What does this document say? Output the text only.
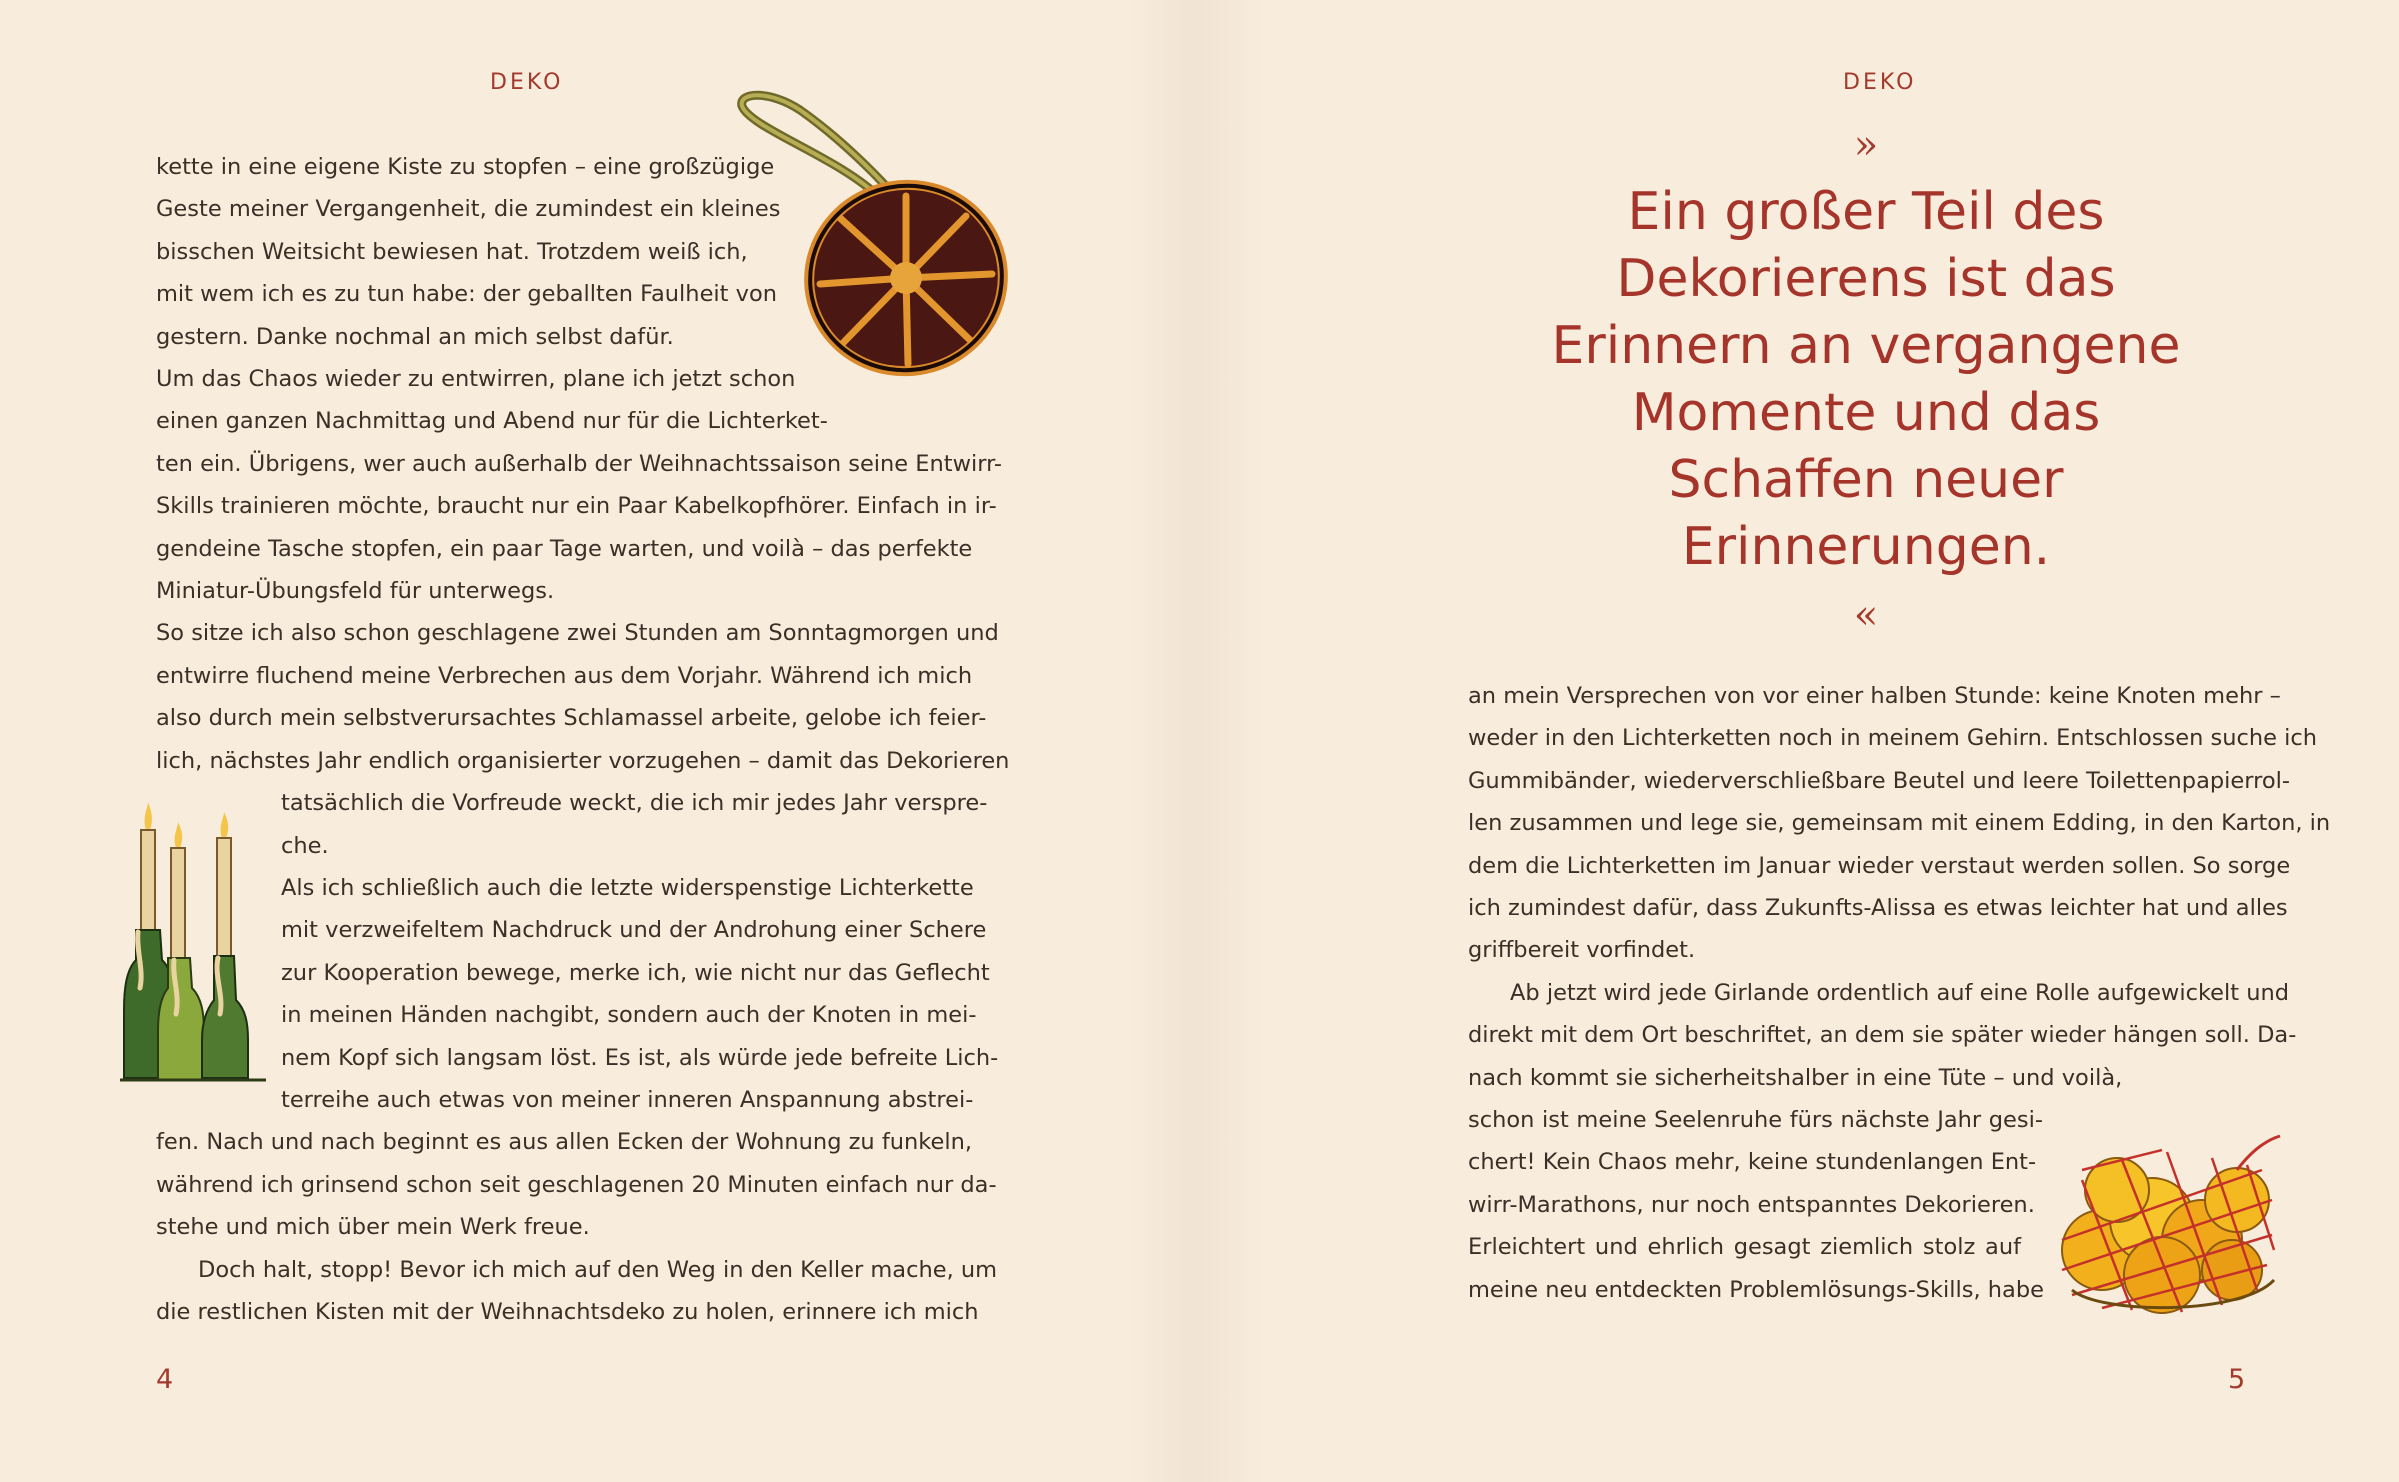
DEKO
kette in eine eigene Kiste zu stopfen – eine großzügige
Geste meiner Vergangenheit, die zumindest ein kleines
bisschen Weitsicht bewiesen hat. Trotzdem weiß ich,
mit wem ich es zu tun habe: der geballten Faulheit von
gestern. Danke nochmal an mich selbst dafür.
Um das Chaos wieder zu entwirren, plane ich jetzt schon
einen ganzen Nachmittag und Abend nur für die Lichterket-
ten ein. Übrigens, wer auch außerhalb der Weihnachtssaison seine Entwirr-
Skills trainieren möchte, braucht nur ein Paar Kabelkopfhörer. Einfach in ir-
gendeine Tasche stopfen, ein paar Tage warten, und voilà – das perfekte
Miniatur-Übungsfeld für unterwegs.
So sitze ich also schon geschlagene zwei Stunden am Sonntagmorgen und
entwirre fluchend meine Verbrechen aus dem Vorjahr. Während ich mich
also durch mein selbstverursachtes Schlamassel arbeite, gelobe ich feier-
lich, nächstes Jahr endlich organisierter vorzugehen – damit das Dekorieren
tatsächlich die Vorfreude weckt, die ich mir jedes Jahr verspre-
che.
Als ich schließlich auch die letzte widerspenstige Lichterkette
mit verzweifeltem Nachdruck und der Androhung einer Schere
zur Kooperation bewege, merke ich, wie nicht nur das Geflecht
in meinen Händen nachgibt, sondern auch der Knoten in mei-
nem Kopf sich langsam löst. Es ist, als würde jede befreite Lich-
terreihe auch etwas von meiner inneren Anspannung abstrei-
fen. Nach und nach beginnt es aus allen Ecken der Wohnung zu funkeln,
während ich grinsend schon seit geschlagenen 20 Minuten einfach nur da-
stehe und mich über mein Werk freue.
Doch halt, stopp! Bevor ich mich auf den Weg in den Keller mache, um
die restlichen Kisten mit der Weihnachtsdeko zu holen, erinnere ich mich
4
DEKO
»
Ein großer Teil des
Dekorierens ist das
Erinnern an vergangene
Momente und das
Schaffen neuer
Erinnerungen.
«
an mein Versprechen von vor einer halben Stunde: keine Knoten mehr –
weder in den Lichterketten noch in meinem Gehirn. Entschlossen suche ich
Gummibänder, wiederverschließbare Beutel und leere Toilettenpapierrol-
len zusammen und lege sie, gemeinsam mit einem Edding, in den Karton, in
dem die Lichterketten im Januar wieder verstaut werden sollen. So sorge
ich zumindest dafür, dass Zukunfts-Alissa es etwas leichter hat und alles
griffbereit vorfindet.
Ab jetzt wird jede Girlande ordentlich auf eine Rolle aufgewickelt und
direkt mit dem Ort beschriftet, an dem sie später wieder hängen soll. Da-
nach kommt sie sicherheitshalber in eine Tüte – und voilà,
schon ist meine Seelenruhe fürs nächste Jahr gesi-
chert! Kein Chaos mehr, keine stundenlangen Ent-
wirr-Marathons, nur noch entspanntes Dekorieren.
Erleichtert und ehrlich gesagt ziemlich stolz auf
meine neu entdeckten Problemlösungs-Skills, habe
5
